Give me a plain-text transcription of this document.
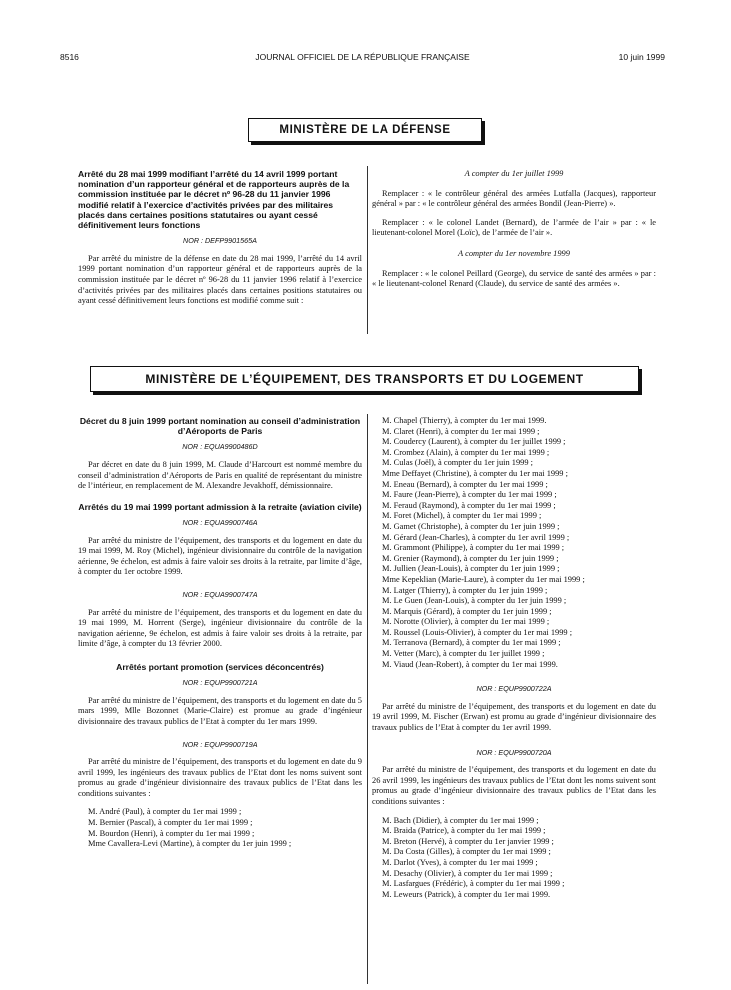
8516	JOURNAL OFFICIEL DE LA RÉPUBLIQUE FRANÇAISE	10 juin 1999
MINISTÈRE DE LA DÉFENSE
Arrêté du 28 mai 1999 modifiant l’arrêté du 14 avril 1999 portant nomination d’un rapporteur général et de rapporteurs auprès de la commission instituée par le décret nº 96-28 du 11 janvier 1996 modifié relatif à l’exercice d’activités privées par des militaires placés dans certaines positions statutaires ou ayant cessé définitivement leurs fonctions
NOR : DEFP9901565A

Par arrêté du ministre de la défense en date du 28 mai 1999, l’arrêté du 14 avril 1999 portant nomination d’un rapporteur général et de rapporteurs auprès de la commission instituée par le décret nº 96-28 du 11 janvier 1996 relatif à l’exercice d’activités privées par des militaires placés dans certaines positions statutaires ou ayant cessé définitivement leurs fonctions est modifié comme suit :

A compter du 1er juillet 1999

Remplacer : « le contrôleur général des armées Lutfalla (Jacques), rapporteur général » par : « le contrôleur général des armées Bondil (Jean-Pierre) ».

Remplacer : « le colonel Landet (Bernard), de l’armée de l’air » par : « le lieutenant-colonel Morel (Loïc), de l’armée de l’air ».

A compter du 1er novembre 1999

Remplacer : « le colonel Peillard (George), du service de santé des armées » par : « le lieutenant-colonel Renard (Claude), du service de santé des armées ».

MINISTÈRE DE L’ÉQUIPEMENT, DES TRANSPORTS ET DU LOGEMENT
Décret du 8 juin 1999 portant nomination au conseil d’administration d’Aéroports de Paris
NOR : EQUA9900486D

Par décret en date du 8 juin 1999, M. Claude d’Harcourt est nommé membre du conseil d’administration d’Aéroports de Paris en qualité de représentant du ministre de l’intérieur, en remplacement de M. Alexandre Jevakhoff, démissionnaire.

Arrêtés du 19 mai 1999 portant admission à la retraite (aviation civile)
NOR : EQUA9900746A

Par arrêté du ministre de l’équipement, des transports et du logement en date du 19 mai 1999, M. Roy (Michel), ingénieur divisionnaire du contrôle de la navigation aérienne, 9e échelon, est admis à faire valoir ses droits à la retraite, par limite d’âge, à compter du 1er octobre 1999.

NOR : EQUA9900747A

Par arrêté du ministre de l’équipement, des transports et du logement en date du 19 mai 1999, M. Horrent (Serge), ingénieur divisionnaire du contrôle de la navigation aérienne, 9e échelon, est admis à faire valoir ses droits à la retraite, par limite d’âge, à compter du 13 février 2000.

Arrêtés portant promotion (services déconcentrés)
NOR : EQUP9900721A

Par arrêté du ministre de l’équipement, des transports et du logement en date du 5 mars 1999, Mlle Bozonnet (Marie-Claire) est promue au grade d’ingénieur divisionnaire des travaux publics de l’Etat à compter du 1er mars 1999.

NOR : EQUP9900719A

Par arrêté du ministre de l’équipement, des transports et du logement en date du 9 avril 1999, les ingénieurs des travaux publics de l’Etat dont les noms suivent sont promus au grade d’ingénieur divisionnaire des travaux publics de l’Etat dans les conditions suivantes :

M. André (Paul), à compter du 1er mai 1999 ;
M. Bernier (Pascal), à compter du 1er mai 1999 ;
M. Bourdon (Henri), à compter du 1er mai 1999 ;
Mme Cavallera-Levi (Martine), à compter du 1er juin 1999 ;
M. Chapel (Thierry), à compter du 1er mai 1999.
M. Claret (Henri), à compter du 1er mai 1999 ;
M. Coudercy (Laurent), à compter du 1er juillet 1999 ;
M. Crombez (Alain), à compter du 1er mai 1999 ;
M. Culas (Joël), à compter du 1er juin 1999 ;
Mme Deffayet (Christine), à compter du 1er mai 1999 ;
M. Eneau (Bernard), à compter du 1er mai 1999 ;
M. Faure (Jean-Pierre), à compter du 1er mai 1999 ;
M. Feraud (Raymond), à compter du 1er mai 1999 ;
M. Foret (Michel), à compter du 1er mai 1999 ;
M. Gamet (Christophe), à compter du 1er juin 1999 ;
M. Gérard (Jean-Charles), à compter du 1er avril 1999 ;
M. Grammont (Philippe), à compter du 1er mai 1999 ;
M. Grenier (Raymond), à compter du 1er juin 1999 ;
M. Jullien (Jean-Louis), à compter du 1er juin 1999 ;
Mme Kepeklian (Marie-Laure), à compter du 1er mai 1999 ;
M. Latger (Thierry), à compter du 1er juin 1999 ;
M. Le Guen (Jean-Louis), à compter du 1er juin 1999 ;
M. Marquis (Gérard), à compter du 1er juin 1999 ;
M. Norotte (Olivier), à compter du 1er mai 1999 ;
M. Roussel (Louis-Olivier), à compter du 1er mai 1999 ;
M. Terranova (Bernard), à compter du 1er mai 1999 ;
M. Vetter (Marc), à compter du 1er juillet 1999 ;
M. Viaud (Jean-Robert), à compter du 1er mai 1999.
NOR : EQUP9900722A

Par arrêté du ministre de l’équipement, des transports et du logement en date du 19 avril 1999, M. Fischer (Erwan) est promu au grade d’ingénieur divisionnaire des travaux publics de l’Etat à compter du 1er avril 1999.

NOR : EQUP9900720A

Par arrêté du ministre de l’équipement, des transports et du logement en date du 26 avril 1999, les ingénieurs des travaux publics de l’Etat dont les noms suivent sont promus au grade d’ingénieur divisionnaire des travaux publics de l’Etat dans les conditions suivantes :

M. Bach (Didier), à compter du 1er mai 1999 ;
M. Braida (Patrice), à compter du 1er mai 1999 ;
M. Breton (Hervé), à compter du 1er janvier 1999 ;
M. Da Costa (Gilles), à compter du 1er mai 1999 ;
M. Darlot (Yves), à compter du 1er mai 1999 ;
M. Desachy (Olivier), à compter du 1er mai 1999 ;
M. Lasfargues (Frédéric), à compter du 1er mai 1999 ;
M. Leweurs (Patrick), à compter du 1er mai 1999.
